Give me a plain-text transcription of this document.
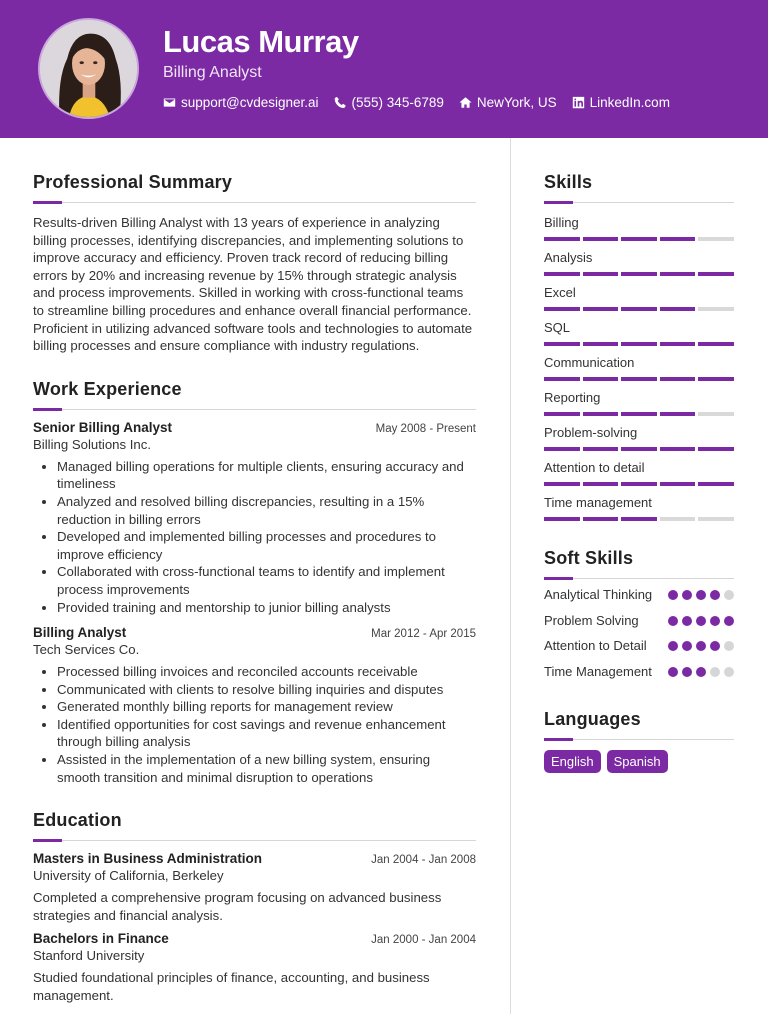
Lucas Murray
Billing Analyst
support@cvdesigner.ai (555) 345-6789 NewYork, US LinkedIn.com
Professional Summary

Results-driven Billing Analyst with 13 years of experience in analyzing billing processes, identifying discrepancies, and implementing solutions to improve accuracy and efficiency. Proven track record of reducing billing errors by 20% and increasing revenue by 15% through strategic analysis and process improvements. Skilled in working with cross-functional teams to streamline billing procedures and enhance overall financial performance. Proficient in utilizing advanced software tools and technologies to automate billing processes and ensure compliance with industry regulations.

Work Experience
Senior Billing Analyst	May 2008 - Present
Billing Solutions Inc.
• Managed billing operations for multiple clients, ensuring accuracy and timeliness
• Analyzed and resolved billing discrepancies, resulting in a 15% reduction in billing errors
• Developed and implemented billing processes and procedures to improve efficiency
• Collaborated with cross-functional teams to identify and implement process improvements
• Provided training and mentorship to junior billing analysts
Billing Analyst	Mar 2012 - Apr 2015
Tech Services Co.
• Processed billing invoices and reconciled accounts receivable
• Communicated with clients to resolve billing inquiries and disputes
• Generated monthly billing reports for management review
• Identified opportunities for cost savings and revenue enhancement through billing analysis
• Assisted in the implementation of a new billing system, ensuring smooth transition and minimal disruption to operations
Education
Masters in Business Administration	Jan 2004 - Jan 2008
University of California, Berkeley

Completed a comprehensive program focusing on advanced business strategies and financial analysis.

Bachelors in Finance	Jan 2000 - Jan 2004
Stanford University

Studied foundational principles of finance, accounting, and business management.

Skills
Billing
Analysis
Excel
SQL
Communication
Reporting
Problem-solving
Attention to detail
Time management
Soft Skills
Analytical Thinking
Problem Solving
Attention to Detail
Time Management
Languages
English	Spanish
